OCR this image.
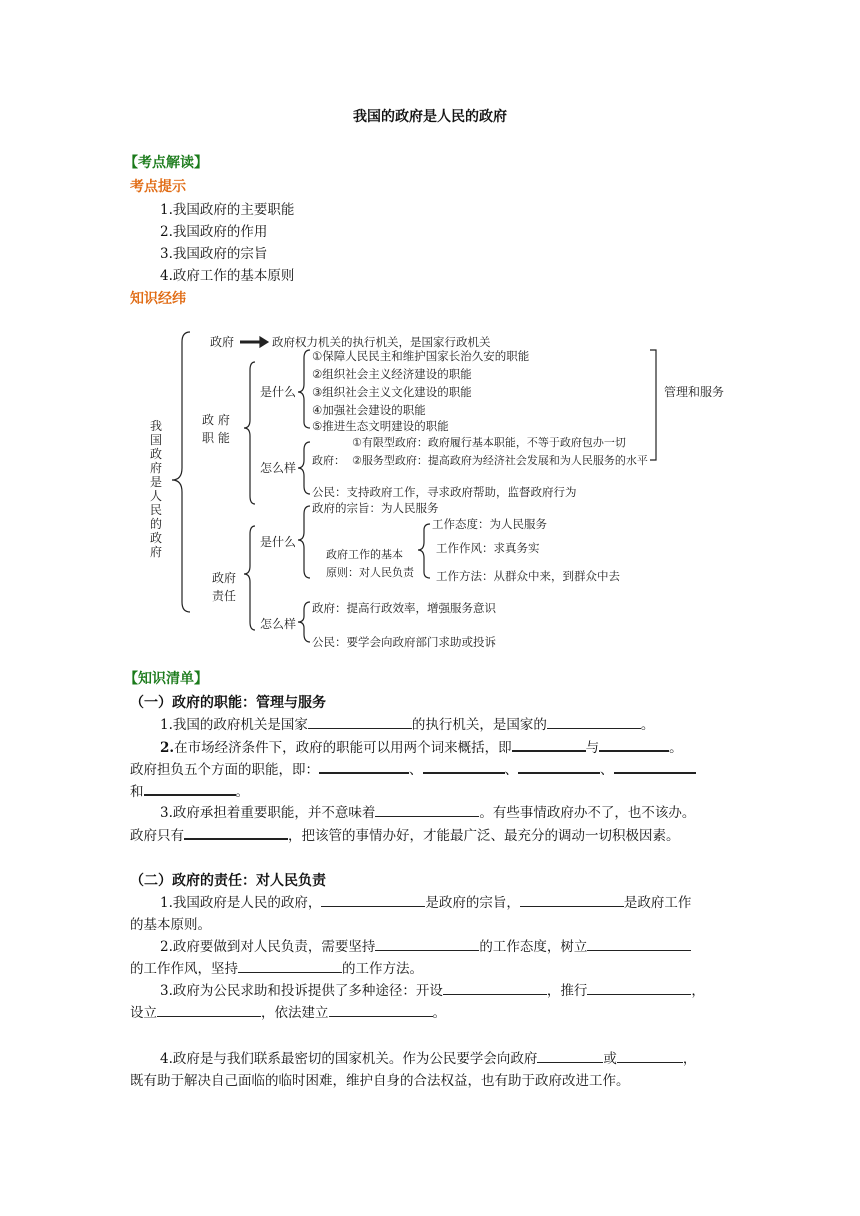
我国的政府是人民的政府
【考点解读】
考点提示
1.我国政府的主要职能
2.我国政府的作用
3.我国政府的宗旨
4.政府工作的基本原则
知识经纬
我国政府是人民的政府
政府	政府权力机关的执行机关，是国家行政机关
政 府
职 能
是什么
①保障人民民主和维护国家长治久安的职能
②组织社会主义经济建设的职能
③组织社会主义文化建设的职能
④加强社会建设的职能
⑤推进生态文明建设的职能
管理和服务
怎么样
①有限型政府：政府履行基本职能，不等于政府包办一切
政府： ②服务型政府：提高政府为经济社会发展和为人民服务的水平
公民：支持政府工作，寻求政府帮助，监督政府行为
政府的宗旨：为人民服务
政府工作的基本
原则：对人民负责
工作态度：为人民服务
工作作风：求真务实
工作方法：从群众中来，到群众中去
政府
责任
是什么
怎么样
政府：提高行政效率，增强服务意识
公民：要学会向政府部门求助或投诉
【知识清单】
（一）政府的职能：管理与服务
1.我国的政府机关是国家	的执行机关，是国家的	。
2.在市场经济条件下，政府的职能可以用两个词来概括，即	与	。
政府担负五个方面的职能，即：	、	、	、
和	。
3.政府承担着重要职能，并不意味着	。有些事情政府办不了，也不该办。
政府只有	，把该管的事情办好，才能最广泛、最充分的调动一切积极因素。
（二）政府的责任：对人民负责
1.我国政府是人民的政府，	是政府的宗旨，	是政府工作
的基本原则。
2.政府要做到对人民负责，需要坚持	的工作态度，树立
的工作作风，坚持	的工作方法。
3.政府为公民求助和投诉提供了多种途径：开设	，推行	，
设立	，依法建立	。
4.政府是与我们联系最密切的国家机关。作为公民要学会向政府	或	，
既有助于解决自己面临的临时困难，维护自身的合法权益，也有助于政府改进工作。
